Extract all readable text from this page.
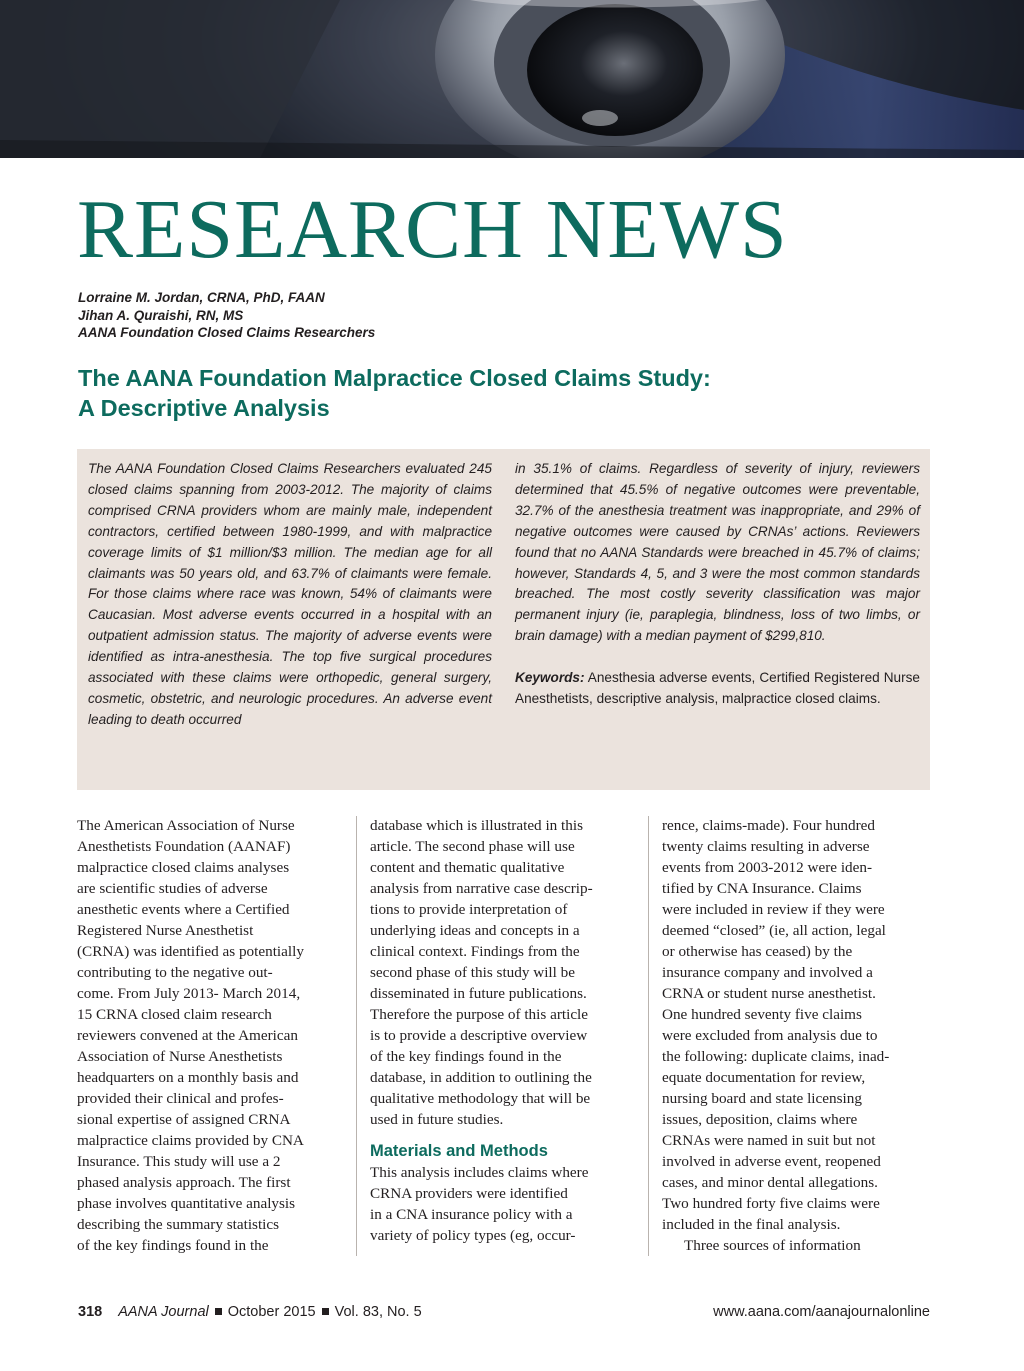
RESEARCH NEWS
Lorraine M. Jordan, CRNA, PhD, FAAN
Jihan A. Quraishi, RN, MS
AANA Foundation Closed Claims Researchers
The AANA Foundation Malpractice Closed Claims Study:
A Descriptive Analysis

The AANA Foundation Closed Claims Researchers evaluated 245 closed claims spanning from 2003-2012. The majority of claims comprised CRNA providers whom are mainly male, independent contractors, certified between 1980-1999, and with malpractice coverage limits of $1 million/$3 million. The median age for all claimants was 50 years old, and 63.7% of claimants were female. For those claims where race was known, 54% of claimants were Caucasian. Most adverse events occurred in a hospital with an outpatient admission status. The majority of adverse events were identified as intra-anesthesia. The top five surgical procedures associated with these claims were orthopedic, general surgery, cosmetic, obstetric, and neurologic procedures. An adverse event leading to death occurred

in 35.1% of claims. Regardless of severity of injury, reviewers determined that 45.5% of negative outcomes were preventable, 32.7% of the anesthesia treatment was inappropriate, and 29% of negative outcomes were caused by CRNAs’ actions. Reviewers found that no AANA Standards were breached in 45.7% of claims; however, Standards 4, 5, and 3 were the most common standards breached. The most costly severity classification was major permanent injury (ie, paraplegia, blindness, loss of two limbs, or brain damage) with a median payment of $299,810.

Keywords: Anesthesia adverse events, Certified Registered Nurse Anesthetists, descriptive analysis, malpractice closed claims.

The American Association of Nurse
Anesthetists Foundation (AANAF)
malpractice closed claims analyses
are scientific studies of adverse
anesthetic events where a Certified
Registered Nurse Anesthetist
(CRNA) was identified as potentially
contributing to the negative out-
come. From July 2013- March 2014,
15 CRNA closed claim research
reviewers convened at the American
Association of Nurse Anesthetists
headquarters on a monthly basis and
provided their clinical and profes-
sional expertise of assigned CRNA
malpractice claims provided by CNA
Insurance. This study will use a 2
phased analysis approach. The first
phase involves quantitative analysis
describing the summary statistics
of the key findings found in the
database which is illustrated in this
article. The second phase will use
content and thematic qualitative
analysis from narrative case descrip-
tions to provide interpretation of
underlying ideas and concepts in a
clinical context. Findings from the
second phase of this study will be
disseminated in future publications.
Therefore the purpose of this article
is to provide a descriptive overview
of the key findings found in the
database, in addition to outlining the
qualitative methodology that will be
used in future studies.
Materials and Methods
This analysis includes claims where
CRNA providers were identified
in a CNA insurance policy with a
variety of policy types (eg, occur-
rence, claims-made). Four hundred
twenty claims resulting in adverse
events from 2003-2012 were iden-
tified by CNA Insurance. Claims
were included in review if they were
deemed “closed” (ie, all action, legal
or otherwise has ceased) by the
insurance company and involved a
CRNA or student nurse anesthetist.
One hundred seventy five claims
were excluded from analysis due to
the following: duplicate claims, inad-
equate documentation for review,
nursing board and state licensing
issues, deposition, claims where
CRNAs were named in suit but not
involved in adverse event, reopened
cases, and minor dental allegations.
Two hundred forty five claims were
included in the final analysis.
Three sources of information
318 AANA Journal October 2015 Vol. 83, No. 5	www.aana.com/aanajournalonline
